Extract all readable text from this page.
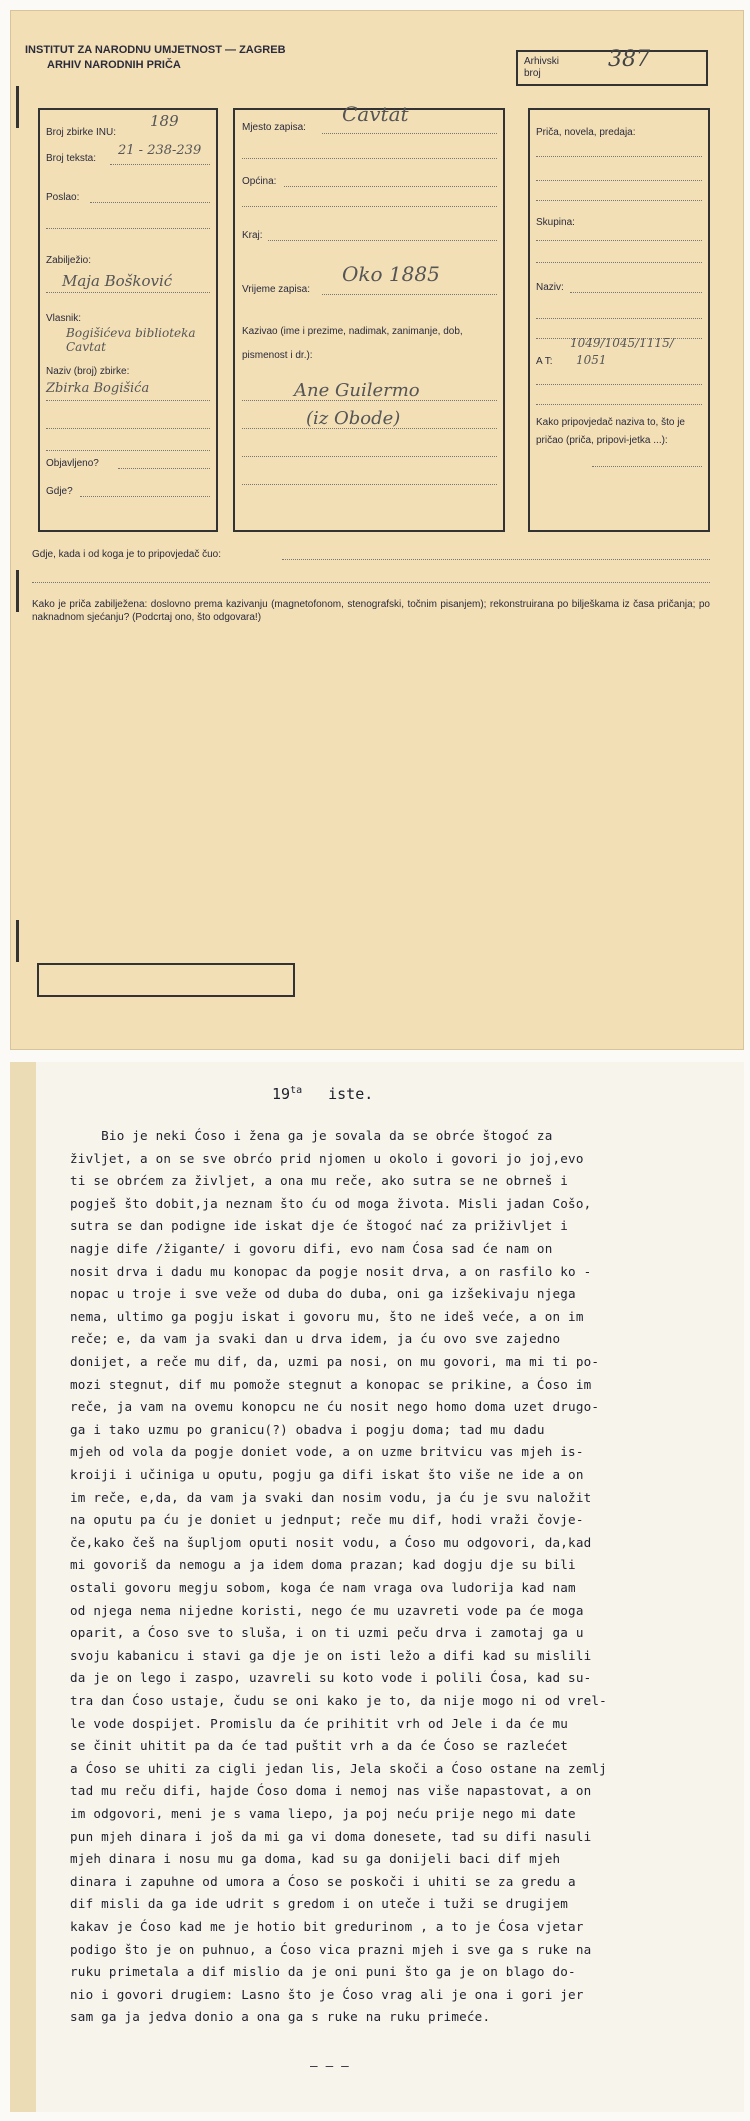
INSTITUT ZA NARODNU UMJETNOST — ZAGREB
ARHIV NARODNIH PRIČA	Arhivski
broj
387
Broj zbirke INU:
189
Broj teksta:
21 - 238-239
Poslao:
Zabilježio:
Maja Bošković
Vlasnik:
Bogišićeva biblioteka Cavtat
Naziv (broj) zbirke:
Zbirka Bogišića
Objavljeno?
Gdje?
Mjesto zapisa:
Cavtat
Općina:
Kraj:
Vrijeme zapisa:
Oko 1885
Kazivao (ime i prezime, nadimak, zanimanje, dob, pismenost i dr.):
Ane Guilermo
(iz Obode)
Priča, novela, predaja:
Skupina:
Naziv:
A T:
1049/1045/1115/
1051
Kako pripovjedač naziva to, što je pričao (priča, pripovi-jetka ...):
Gdje, kada i od koga je to pripovjedač čuo:
Kako je priča zabilježena: doslovno prema kazivanju (magnetofonom, stenografski, točnim pisanjem); rekonstruirana po bilješkama iz časa pričanja; po naknadnom sjećanju? (Podcrtaj ono, što odgovara!)
$19^{ta}$ iste.
Bio je neki Ćoso i žena ga je sovala da se obrće štogoć za
življet, a on se sve obrćo prid njomen u okolo i govori jo joj,evo
ti se obrćem za življet, a ona mu reče, ako sutra se ne obrneš i
pogješ što dobit,ja neznam što ću od moga života. Misli jadan Cošo,
sutra se dan podigne ide iskat dje će štogoć nać za priživljet i
nagje dife /žigante/ i govoru difi, evo nam Ćosa sad će nam on
nosit drva i dadu mu konopac da pogje nosit drva, a on rasfilo ko -
nopac u troje i sve veže od duba do duba, oni ga izšekivaju njega
nema, ultimo ga pogju iskat i govoru mu, što ne ideš veće, a on im
reče; e, da vam ja svaki dan u drva idem, ja ću ovo sve zajedno
donijet, a reče mu dif, da, uzmi pa nosi, on mu govori, ma mi ti po-
mozi stegnut, dif mu pomože stegnut a konopac se prikine, a Ćoso im
reče, ja vam na ovemu konopcu ne ću nosit nego homo doma uzet drugo-
ga i tako uzmu po granicu(?) obadva i pogju doma; tad mu dadu
mjeh od vola da pogje doniet vode, a on uzme britvicu vas mjeh is-
kroiji i učiniga u oputu, pogju ga difi iskat što više ne ide a on
im reče, e,da, da vam ja svaki dan nosim vodu, ja ću je svu naložit
na oputu pa ću je doniet u jednput; reče mu dif, hodi vraži čovje-
če,kako češ na šupljom oputi nosit vodu, a Ćoso mu odgovori, da,kad
mi govoriš da nemogu a ja idem doma prazan; kad dogju dje su bili
ostali govoru megju sobom, koga će nam vraga ova ludorija kad nam
od njega nema nijedne koristi, nego će mu uzavreti vode pa će moga
oparit, a Ćoso sve to sluša, i on ti uzmi peču drva i zamotaj ga u
svoju kabanicu i stavi ga dje je on isti ležo a difi kad su mislili
da je on lego i zaspo, uzavreli su koto vode i polili Ćosa, kad su-
tra dan Ćoso ustaje, čudu se oni kako je to, da nije mogo ni od vrel-
le vode dospijet. Promislu da će prihitit vrh od Jele i da će mu
se činit uhitit pa da će tad puštit vrh a da će Ćoso se razlećet
a Ćoso se uhiti za cigli jedan lis, Jela skoči a Ćoso ostane na zemlj
tad mu reču difi, hajde Ćoso doma i nemoj nas više napastovat, a on
im odgovori, meni je s vama liepo, ja poj neću prije nego mi date
pun mjeh dinara i još da mi ga vi doma donesete, tad su difi nasuli
mjeh dinara i nosu mu ga doma, kad su ga donijeli baci dif mjeh
dinara i zapuhne od umora a Ćoso se poskoči i uhiti se za gredu a
dif misli da ga ide udrit s gredom i on uteče i tuži se drugijem
kakav je Ćoso kad me je hotio bit gredurinom , a to je Ćosa vjetar
podigo što je on puhnuo, a Ćoso vica prazni mjeh i sve ga s ruke na
ruku primetala a dif mislio da je oni puni što ga je on blago do-
nio i govori drugiem: Lasno što je Ćoso vrag ali je ona i gori jer
sam ga ja jedva donio a ona ga s ruke na ruku primeće.
— — —
